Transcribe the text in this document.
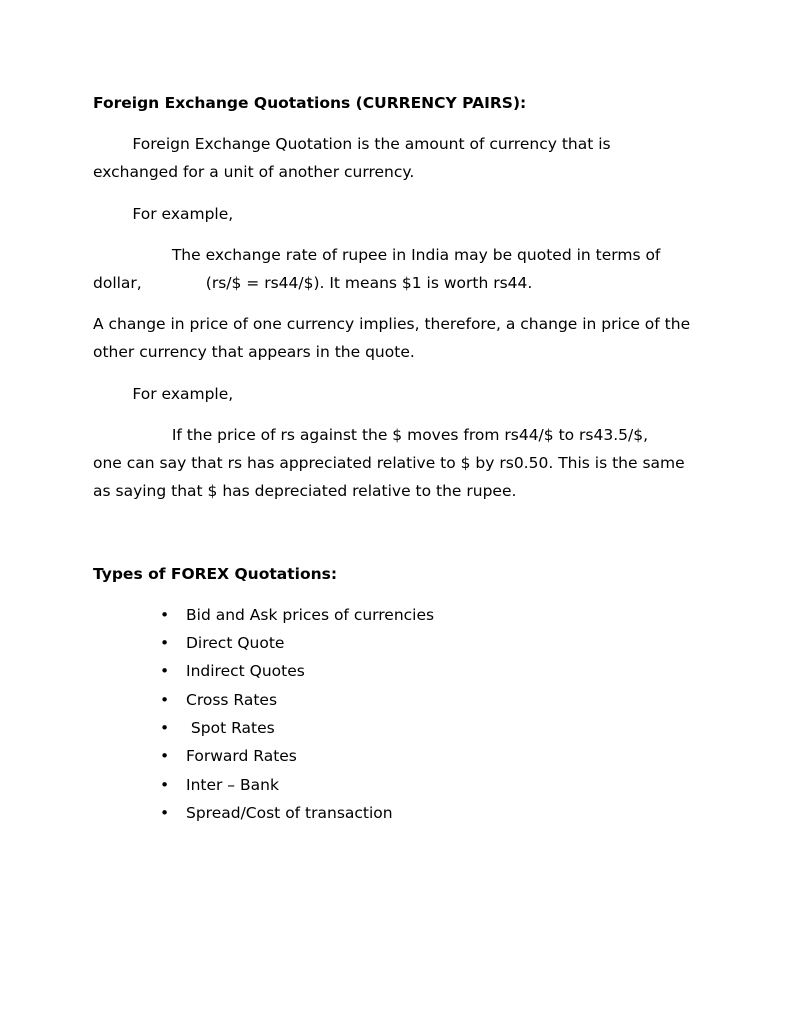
Foreign Exchange Quotations (CURRENCY PAIRS):

Foreign Exchange Quotation is the amount of currency that is

exchanged for a unit of another currency.

For example,

The exchange rate of rupee in India may be quoted in terms of

dollar,             (rs/$ = rs44/$). It means $1 is worth rs44.

A change in price of one currency implies, therefore, a change in price of the

other currency that appears in the quote.

For example,

If the price of rs against the $ moves from rs44/$ to rs43.5/$,

one can say that rs has appreciated relative to $ by rs0.50. This is the same

as saying that $ has depreciated relative to the rupee.

Types of FOREX Quotations:

•

Bid and Ask prices of currencies

•

Direct Quote

•

Indirect Quotes

•

Cross Rates

•

Spot Rates

•

Forward Rates

•

Inter – Bank

•

Spread/Cost of transaction
